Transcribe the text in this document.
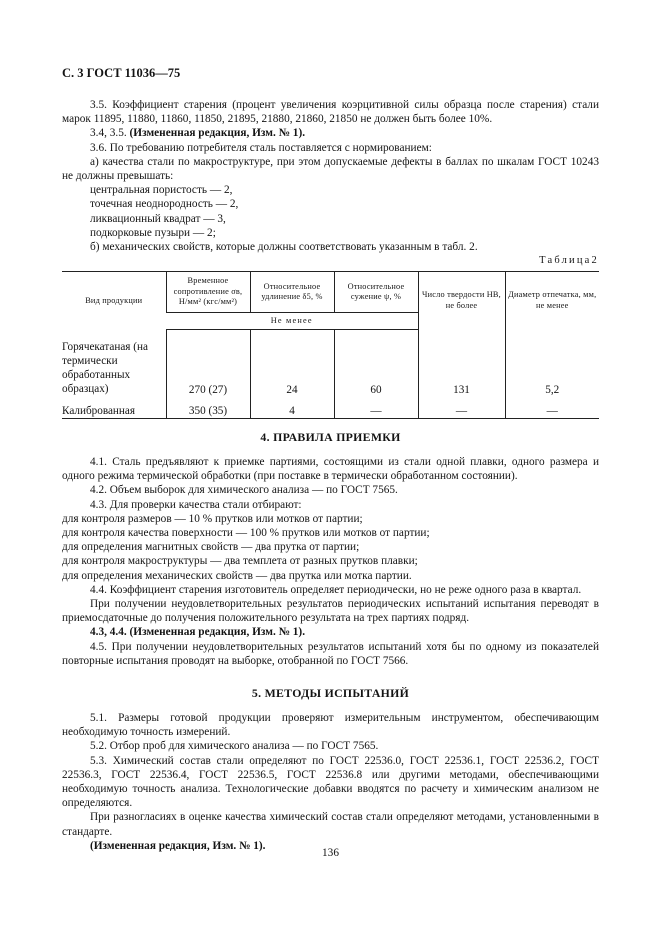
С. 3 ГОСТ 11036—75

3.5. Коэффициент старения (процент увеличения коэрцитивной силы образца после старения) стали марок 11895, 11880, 11860, 11850, 21895, 21880, 21860, 21850 не должен быть более 10%.

3.4, 3.5. (Измененная редакция, Изм. № 1).

3.6. По требованию потребителя сталь поставляется с нормированием:

а) качества стали по макроструктуре, при этом допускаемые дефекты в баллах по шкалам ГОСТ 10243 не должны превышать:

центральная пористость — 2,

точечная неоднородность — 2,

ликвационный квадрат — 3,

подкорковые пузыри — 2;

б) механических свойств, которые должны соответствовать указанным в табл. 2.

Таблица2
Вид продукции	Временное сопротивление σв, Н/мм² (кгс/мм²)	Относительное удлинение δ5, %	Относительное сужение ψ, %	Число твердости НВ, не более	Диаметр отпечатка, мм, не менее
	Не менее				
Горячекатаная (на термически обработанных образцах)	270 (27)	24	60	131	5,2
Калиброванная	350 (35)	4	—	—	—
4. ПРАВИЛА ПРИЕМКИ

4.1. Сталь предъявляют к приемке партиями, состоящими из стали одной плавки, одного размера и одного режима термической обработки (при поставке в термически обработанном состоянии).

4.2. Объем выборок для химического анализа — по ГОСТ 7565.

4.3. Для проверки качества стали отбирают:

для контроля размеров — 10 % прутков или мотков от партии;

для контроля качества поверхности — 100 % прутков или мотков от партии;

для определения магнитных свойств — два прутка от партии;

для контроля макроструктуры — два темплета от разных прутков плавки;

для определения механических свойств — два прутка или мотка партии.

4.4. Коэффициент старения изготовитель определяет периодически, но не реже одного раза в квартал.

При получении неудовлетворительных результатов периодических испытаний испытания переводят в приемосдаточные до получения положительного результата на трех партиях подряд.

4.3, 4.4. (Измененная редакция, Изм. № 1).

4.5. При получении неудовлетворительных результатов испытаний хотя бы по одному из показателей повторные испытания проводят на выборке, отобранной по ГОСТ 7566.

5. МЕТОДЫ ИСПЫТАНИЙ

5.1. Размеры готовой продукции проверяют измерительным инструментом, обеспечивающим необходимую точность измерений.

5.2. Отбор проб для химического анализа — по ГОСТ 7565.

5.3. Химический состав стали определяют по ГОСТ 22536.0, ГОСТ 22536.1, ГОСТ 22536.2, ГОСТ 22536.3, ГОСТ 22536.4, ГОСТ 22536.5, ГОСТ 22536.8 или другими методами, обеспечивающими необходимую точность анализа. Технологические добавки вводятся по расчету и химическим анализом не определяются.

При разногласиях в оценке качества химический состав стали определяют методами, установленными в стандарте.

(Измененная редакция, Изм. № 1).

136
